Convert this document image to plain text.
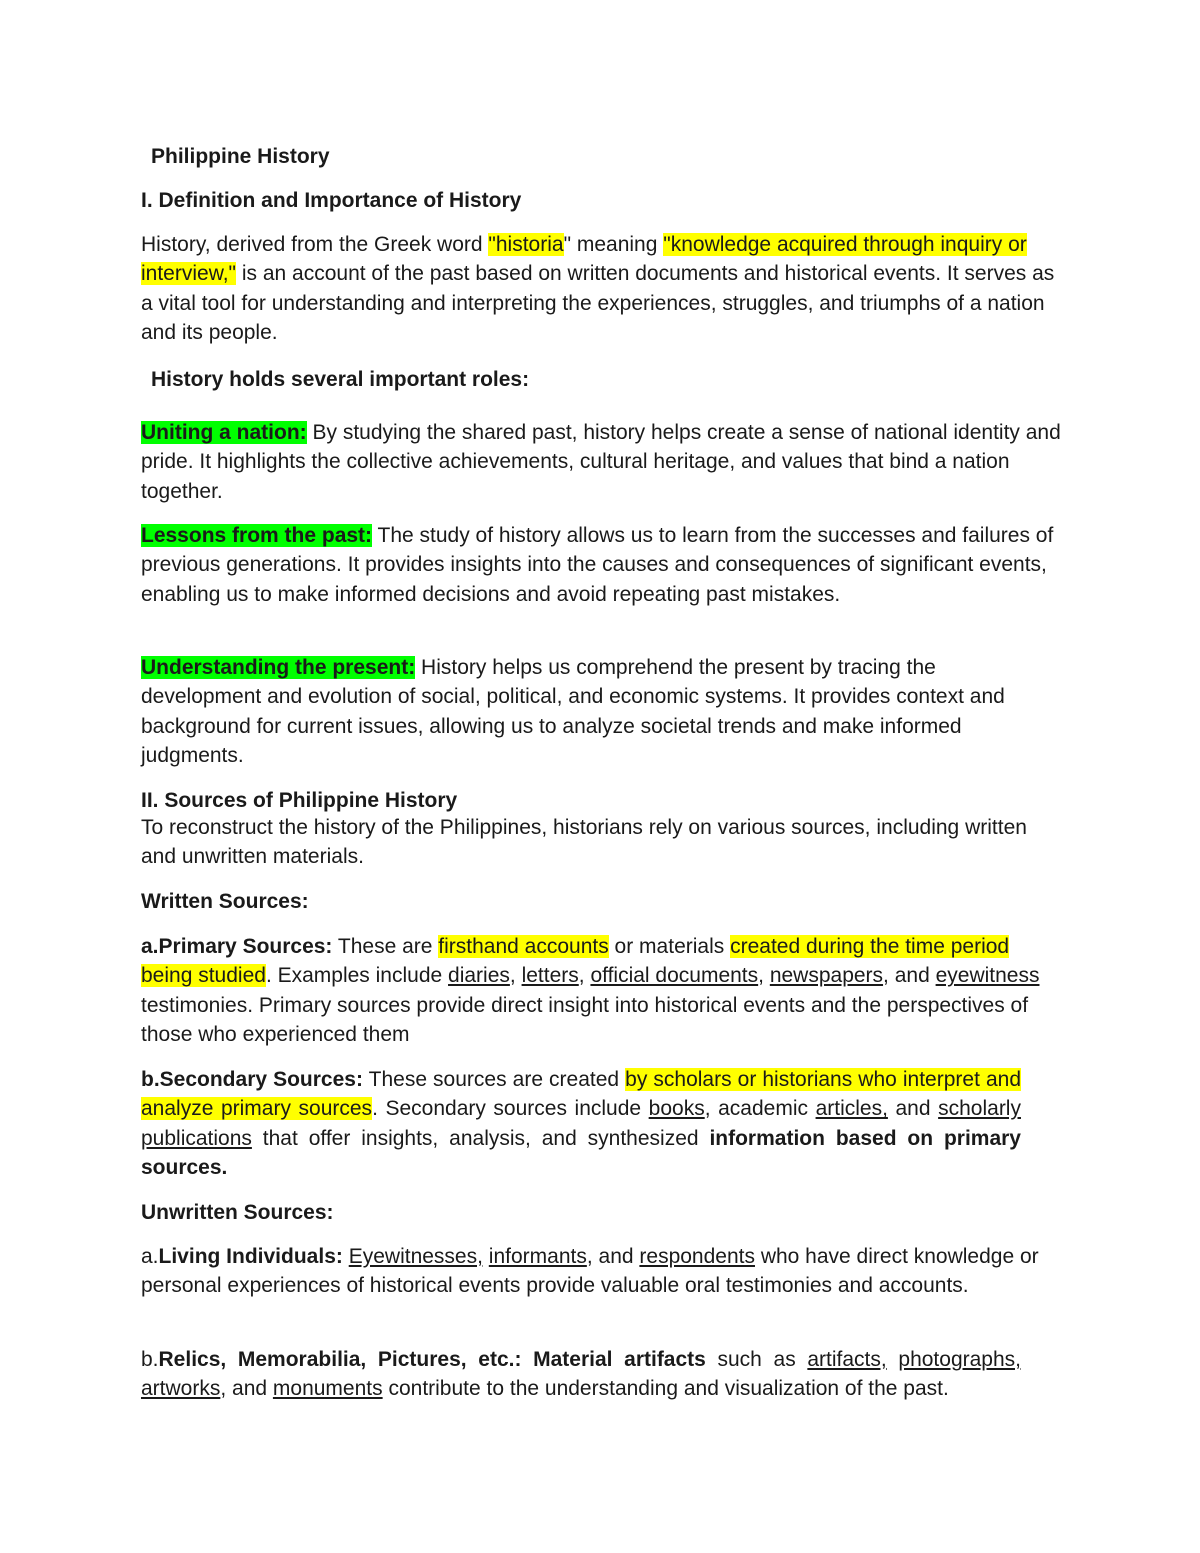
Philippine History
I. Definition and Importance of History

History, derived from the Greek word "historia" meaning "knowledge acquired through inquiry or interview," is an account of the past based on written documents and historical events. It serves as a vital tool for understanding and interpreting the experiences, struggles, and triumphs of a nation and its people.

History holds several important roles:

Uniting a nation: By studying the shared past, history helps create a sense of national identity and pride. It highlights the collective achievements, cultural heritage, and values that bind a nation together.

Lessons from the past: The study of history allows us to learn from the successes and failures of previous generations. It provides insights into the causes and consequences of significant events, enabling us to make informed decisions and avoid repeating past mistakes.

Understanding the present: History helps us comprehend the present by tracing the development and evolution of social, political, and economic systems. It provides context and background for current issues, allowing us to analyze societal trends and make informed judgments.

II. Sources of Philippine History

To reconstruct the history of the Philippines, historians rely on various sources, including written and unwritten materials.

Written Sources:

a.Primary Sources: These are firsthand accounts or materials created during the time period being studied. Examples include diaries, letters, official documents, newspapers, and eyewitness testimonies. Primary sources provide direct insight into historical events and the perspectives of those who experienced them

b.Secondary Sources: These sources are created by scholars or historians who interpret and analyze primary sources. Secondary sources include books, academic articles, and scholarly publications that offer insights, analysis, and synthesized information based on primary sources.

Unwritten Sources:

a.Living Individuals: Eyewitnesses, informants, and respondents who have direct knowledge or personal experiences of historical events provide valuable oral testimonies and accounts.

b.Relics, Memorabilia, Pictures, etc.: Material artifacts such as artifacts, photographs, artworks, and monuments contribute to the understanding and visualization of the past.
